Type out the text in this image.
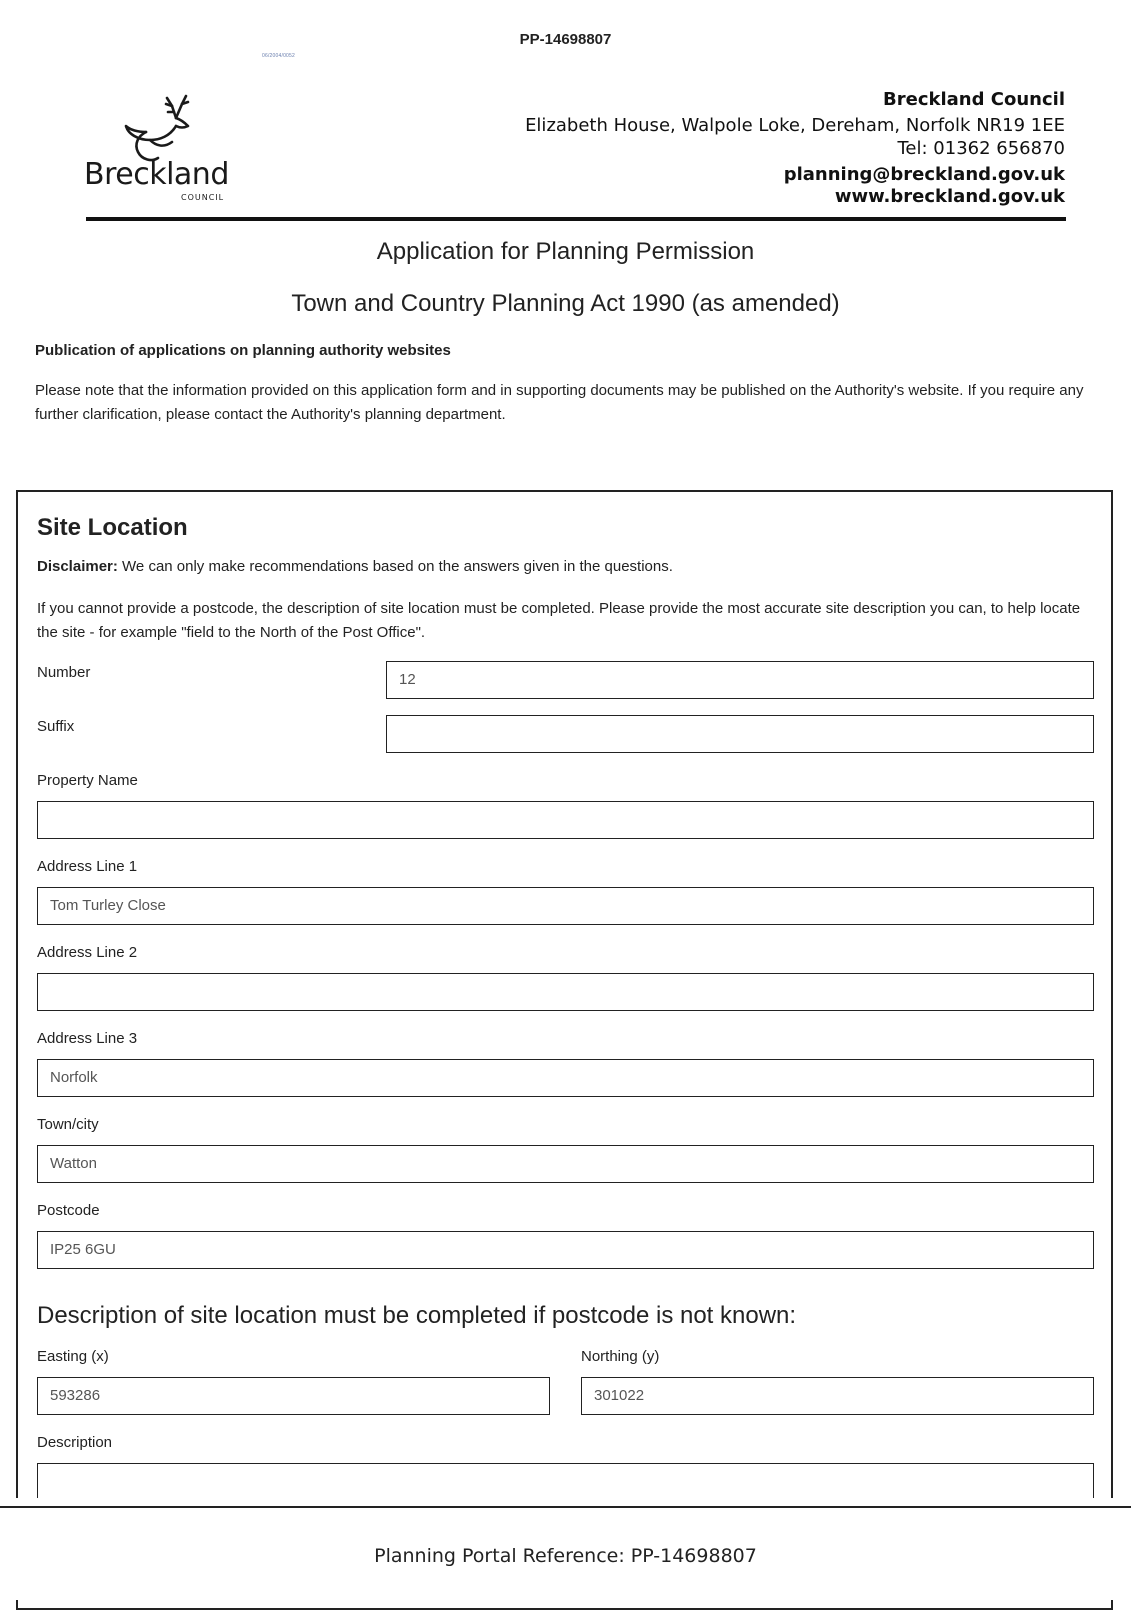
PP-14698807
06/2004/0052
Breckland
COUNCIL
Breckland Council
Elizabeth House, Walpole Loke, Dereham, Norfolk NR19 1EE
Tel: 01362 656870
planning@breckland.gov.uk
www.breckland.gov.uk
Application for Planning Permission
Town and Country Planning Act 1990 (as amended)
Publication of applications on planning authority websites
Please note that the information provided on this application form and in supporting documents may be published on the Authority's website. If you require any further clarification, please contact the Authority's planning department.
Site Location
Disclaimer: We can only make recommendations based on the answers given in the questions.
If you cannot provide a postcode, the description of site location must be completed. Please provide the most accurate site description you can, to help locate the site - for example "field to the North of the Post Office".
Number	12
Suffix
Property Name
Address Line 1
Tom Turley Close
Address Line 2
Address Line 3
Norfolk
Town/city
Watton
Postcode
IP25 6GU
Description of site location must be completed if postcode is not known:
Easting (x)
593286
Northing (y)
301022
Description
Planning Portal Reference: PP-14698807
